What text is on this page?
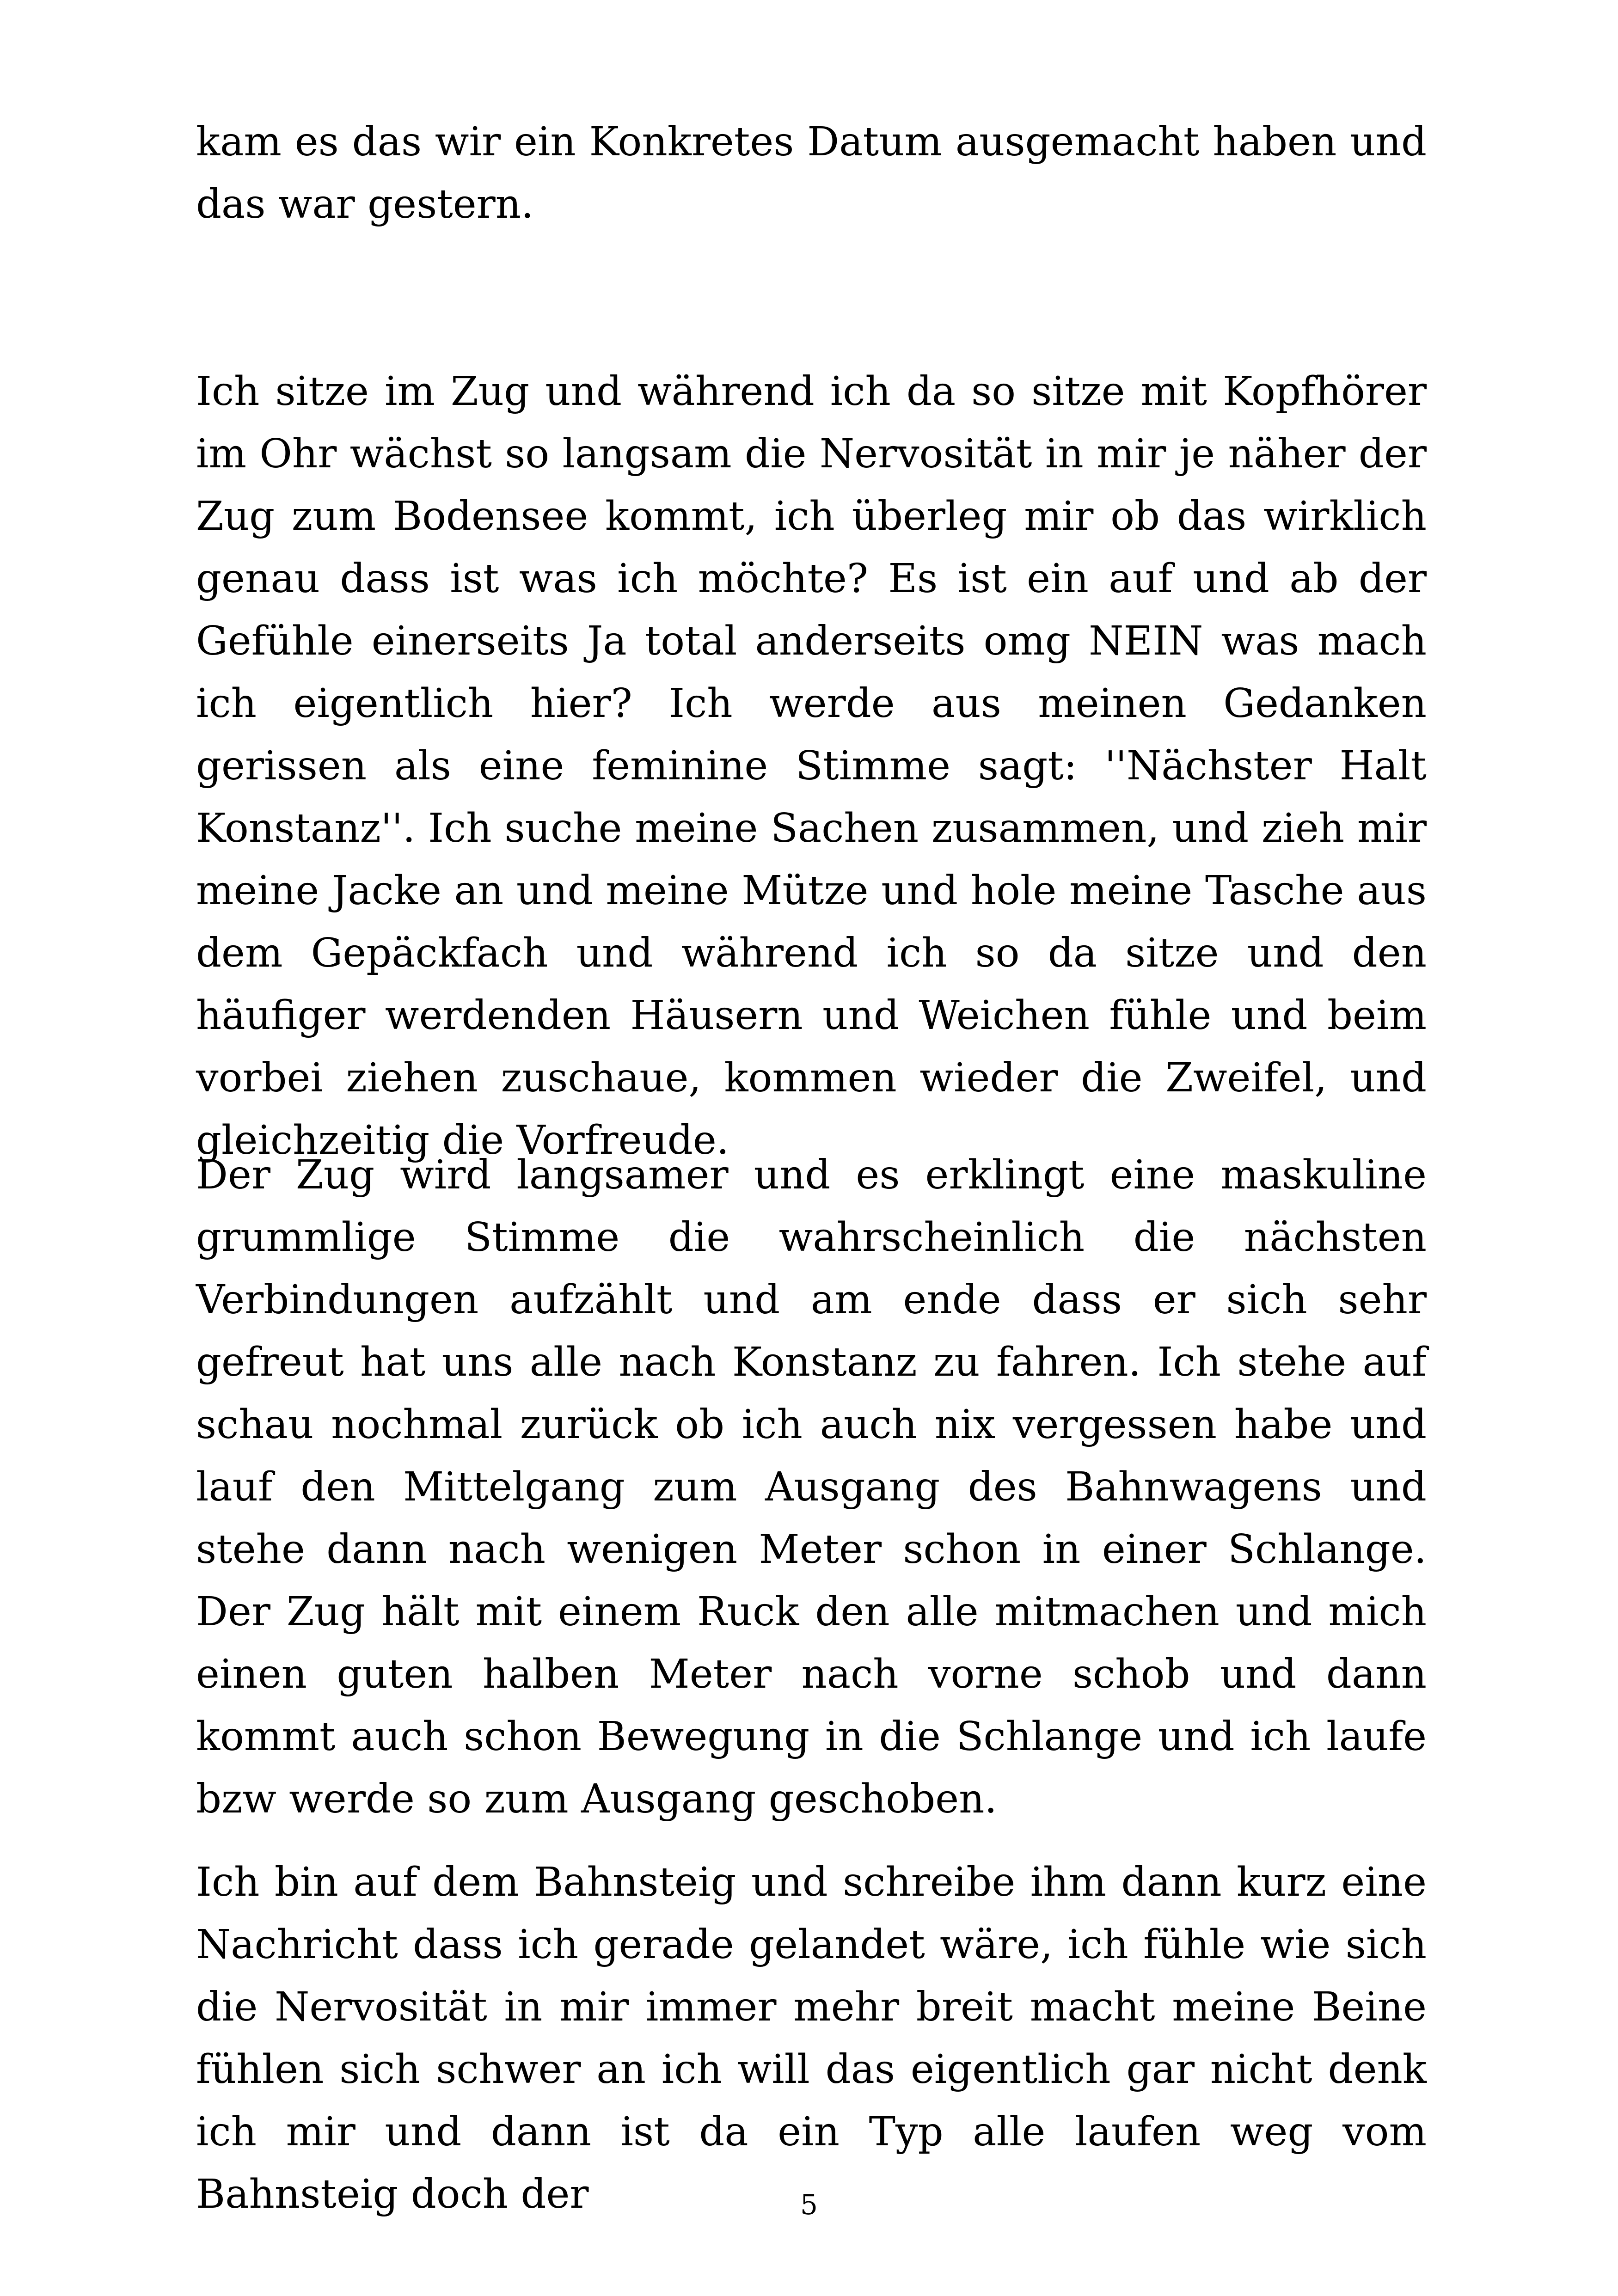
kam es das wir ein Konkretes Datum ausgemacht haben und das war gestern.

Ich sitze im Zug und während ich da so sitze mit Kopfhörer im Ohr wächst so langsam die Nervosität in mir je näher der Zug zum Bodensee kommt, ich überleg mir ob das wirklich genau dass ist was ich möchte? Es ist ein auf und ab der Gefühle einerseits Ja total anderseits omg NEIN was mach ich eigentlich hier? Ich werde aus meinen Gedanken gerissen als eine feminine Stimme sagt: ''Nächster Halt Konstanz''. Ich suche meine Sachen zusammen, und zieh mir meine Jacke an und meine Mütze und hole meine Tasche aus dem Gepäckfach und während ich so da sitze und den häufiger werdenden Häusern und Weichen fühle und beim vorbei ziehen zuschaue, kommen wieder die Zweifel, und gleichzeitig die Vorfreude.

Der Zug wird langsamer und es erklingt eine maskuline grummlige Stimme die wahrscheinlich die nächsten Verbindungen aufzählt und am ende dass er sich sehr gefreut hat uns alle nach Konstanz zu fahren. Ich stehe auf schau nochmal zurück ob ich auch nix vergessen habe und lauf den Mittelgang zum Ausgang des Bahnwagens und stehe dann nach wenigen Meter schon in einer Schlange. Der Zug hält mit einem Ruck den alle mitmachen und mich einen guten halben Meter nach vorne schob und dann kommt auch schon Bewegung in die Schlange und ich laufe bzw werde so zum Ausgang geschoben.

Ich bin auf dem Bahnsteig und schreibe ihm dann kurz eine Nachricht dass ich gerade gelandet wäre, ich fühle wie sich die Nervosität in mir immer mehr breit macht meine Beine fühlen sich schwer an ich will das eigentlich gar nicht denk ich mir und dann ist da ein Typ alle laufen weg vom Bahnsteig doch der	5
